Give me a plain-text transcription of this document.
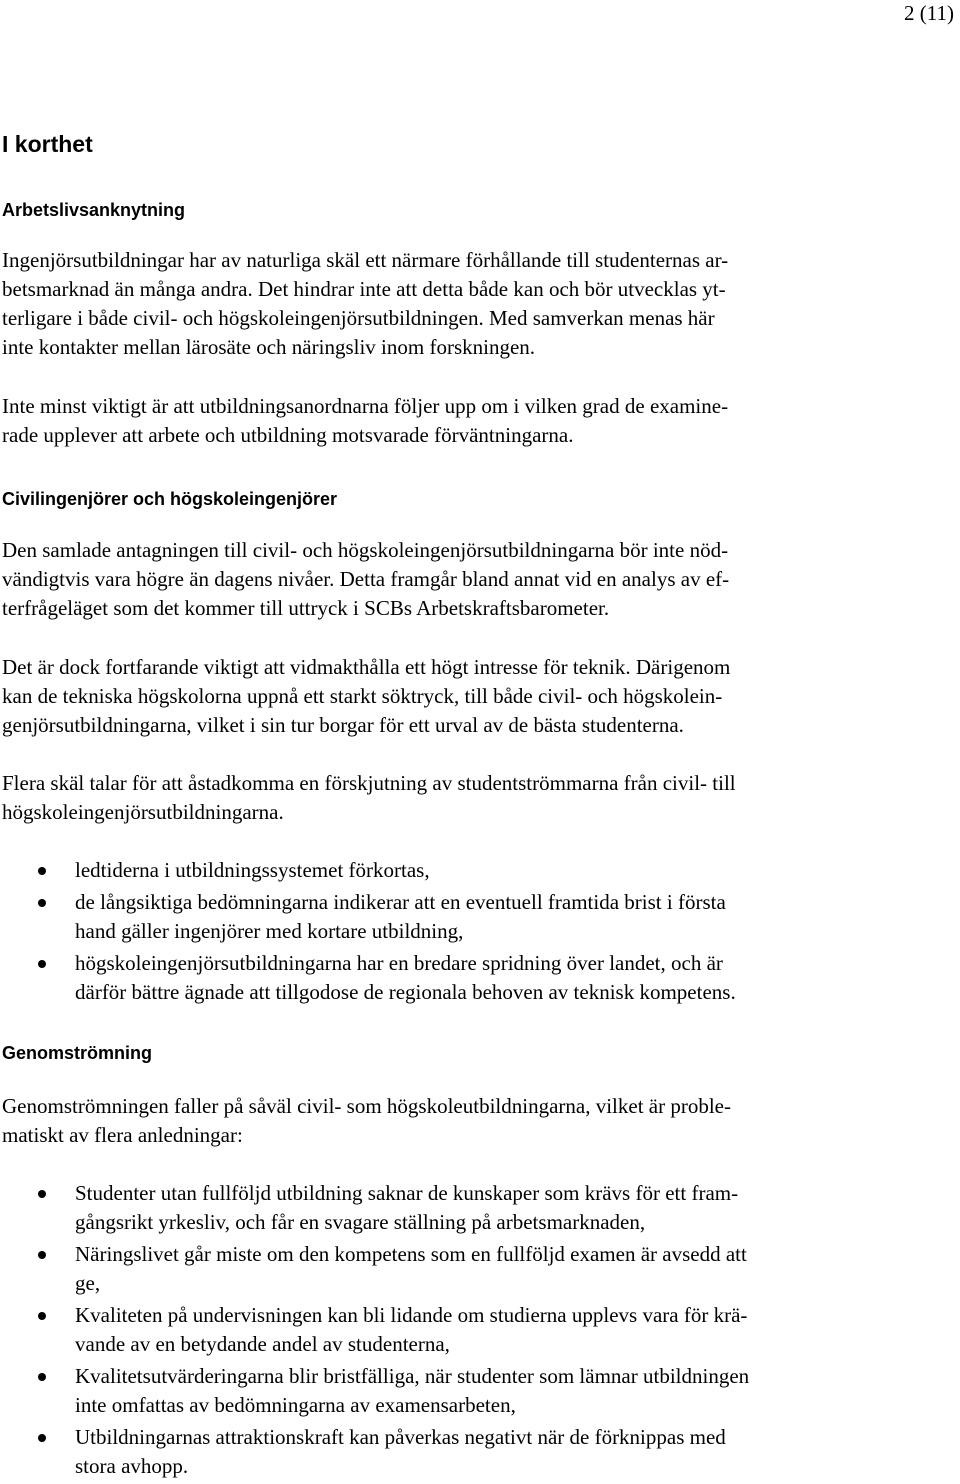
2 (11)
I korthet
Arbetslivsanknytning

Ingenjörsutbildningar har av naturliga skäl ett närmare förhållande till studenternas ar-
betsmarknad än många andra. Det hindrar inte att detta både kan och bör utvecklas yt-
terligare i både civil- och högskoleingenjörsutbildningen. Med samverkan menas här
inte kontakter mellan lärosäte och näringsliv inom forskningen.

Inte minst viktigt är att utbildningsanordnarna följer upp om i vilken grad de examine-
rade upplever att arbete och utbildning motsvarade förväntningarna.

Civilingenjörer och högskoleingenjörer

Den samlade antagningen till civil- och högskoleingenjörsutbildningarna bör inte nöd-
vändigtvis vara högre än dagens nivåer. Detta framgår bland annat vid en analys av ef-
terfrågeläget som det kommer till uttryck i SCBs Arbetskraftsbarometer.

Det är dock fortfarande viktigt att vidmakthålla ett högt intresse för teknik. Därigenom
kan de tekniska högskolorna uppnå ett starkt söktryck, till både civil- och högskolein-
genjörsutbildningarna, vilket i sin tur borgar för ett urval av de bästa studenterna.

Flera skäl talar för att åstadkomma en förskjutning av studentströmmarna från civil- till
högskoleingenjörsutbildningarna.

ledtiderna i utbildningssystemet förkortas,
de långsiktiga bedömningarna indikerar att en eventuell framtida brist i första
hand gäller ingenjörer med kortare utbildning,
högskoleingenjörsutbildningarna har en bredare spridning över landet, och är
därför bättre ägnade att tillgodose de regionala behoven av teknisk kompetens.
Genomströmning

Genomströmningen faller på såväl civil- som högskoleutbildningarna, vilket är proble-
matiskt av flera anledningar:

Studenter utan fullföljd utbildning saknar de kunskaper som krävs för ett fram-
gångsrikt yrkesliv, och får en svagare ställning på arbetsmarknaden,
Näringslivet går miste om den kompetens som en fullföljd examen är avsedd att
ge,
Kvaliteten på undervisningen kan bli lidande om studierna upplevs vara för krä-
vande av en betydande andel av studenterna,
Kvalitetsutvärderingarna blir bristfälliga, när studenter som lämnar utbildningen
inte omfattas av bedömningarna av examensarbeten,
Utbildningarnas attraktionskraft kan påverkas negativt när de förknippas med
stora avhopp.
